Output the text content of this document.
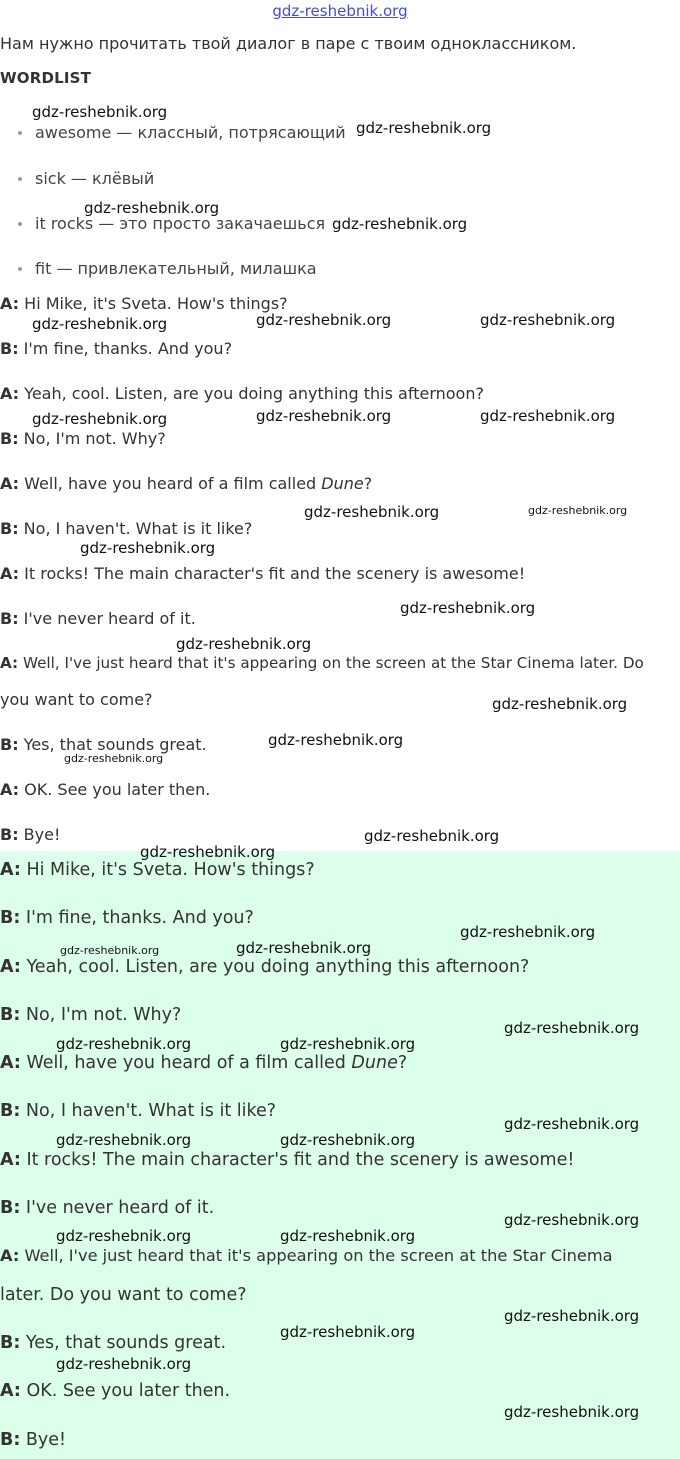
gdz-reshebnik.org
Нам нужно прочитать твой диалог в паре с твоим одноклассником.
WORDLIST
awesome — классный, потрясающий
sick — клёвый
it rocks — это просто закачаешься
fit — привлекательный, милашка
A: Hi Mike, it's Sveta. How's things?
B: I'm fine, thanks. And you?
A: Yeah, cool. Listen, are you doing anything this afternoon?
B: No, I'm not. Why?
A: Well, have you heard of a film called Dune?
B: No, I haven't. What is it like?
A: It rocks! The main character's fit and the scenery is awesome!
B: I've never heard of it.
A: Well, I've just heard that it's appearing on the screen at the Star Cinema later. Do
you want to come?
B: Yes, that sounds great.
A: OK. See you later then.
B: Bye!
A: Hi Mike, it's Sveta. How's things?
B: I'm fine, thanks. And you?
A: Yeah, cool. Listen, are you doing anything this afternoon?
B: No, I'm not. Why?
A: Well, have you heard of a film called Dune?
B: No, I haven't. What is it like?
A: It rocks! The main character's fit and the scenery is awesome!
B: I've never heard of it.
A: Well, I've just heard that it's appearing on the screen at the Star Cinema
later. Do you want to come?
B: Yes, that sounds great.
A: OK. See you later then.
B: Bye!
gdz-reshebnik.org
gdz-reshebnik.org
gdz-reshebnik.org
gdz-reshebnik.org
gdz-reshebnik.org	gdz-reshebnik.org	gdz-reshebnik.org
gdz-reshebnik.org	gdz-reshebnik.org	gdz-reshebnik.org
gdz-reshebnik.org	gdz-reshebnik.org
gdz-reshebnik.org
gdz-reshebnik.org
gdz-reshebnik.org
gdz-reshebnik.org
gdz-reshebnik.org
gdz-reshebnik.org
gdz-reshebnik.org
gdz-reshebnik.org
gdz-reshebnik.org
gdz-reshebnik.org	gdz-reshebnik.org
gdz-reshebnik.org
gdz-reshebnik.org	gdz-reshebnik.org
gdz-reshebnik.org
gdz-reshebnik.org	gdz-reshebnik.org
gdz-reshebnik.org
gdz-reshebnik.org	gdz-reshebnik.org
gdz-reshebnik.org
gdz-reshebnik.org
gdz-reshebnik.org
gdz-reshebnik.org
